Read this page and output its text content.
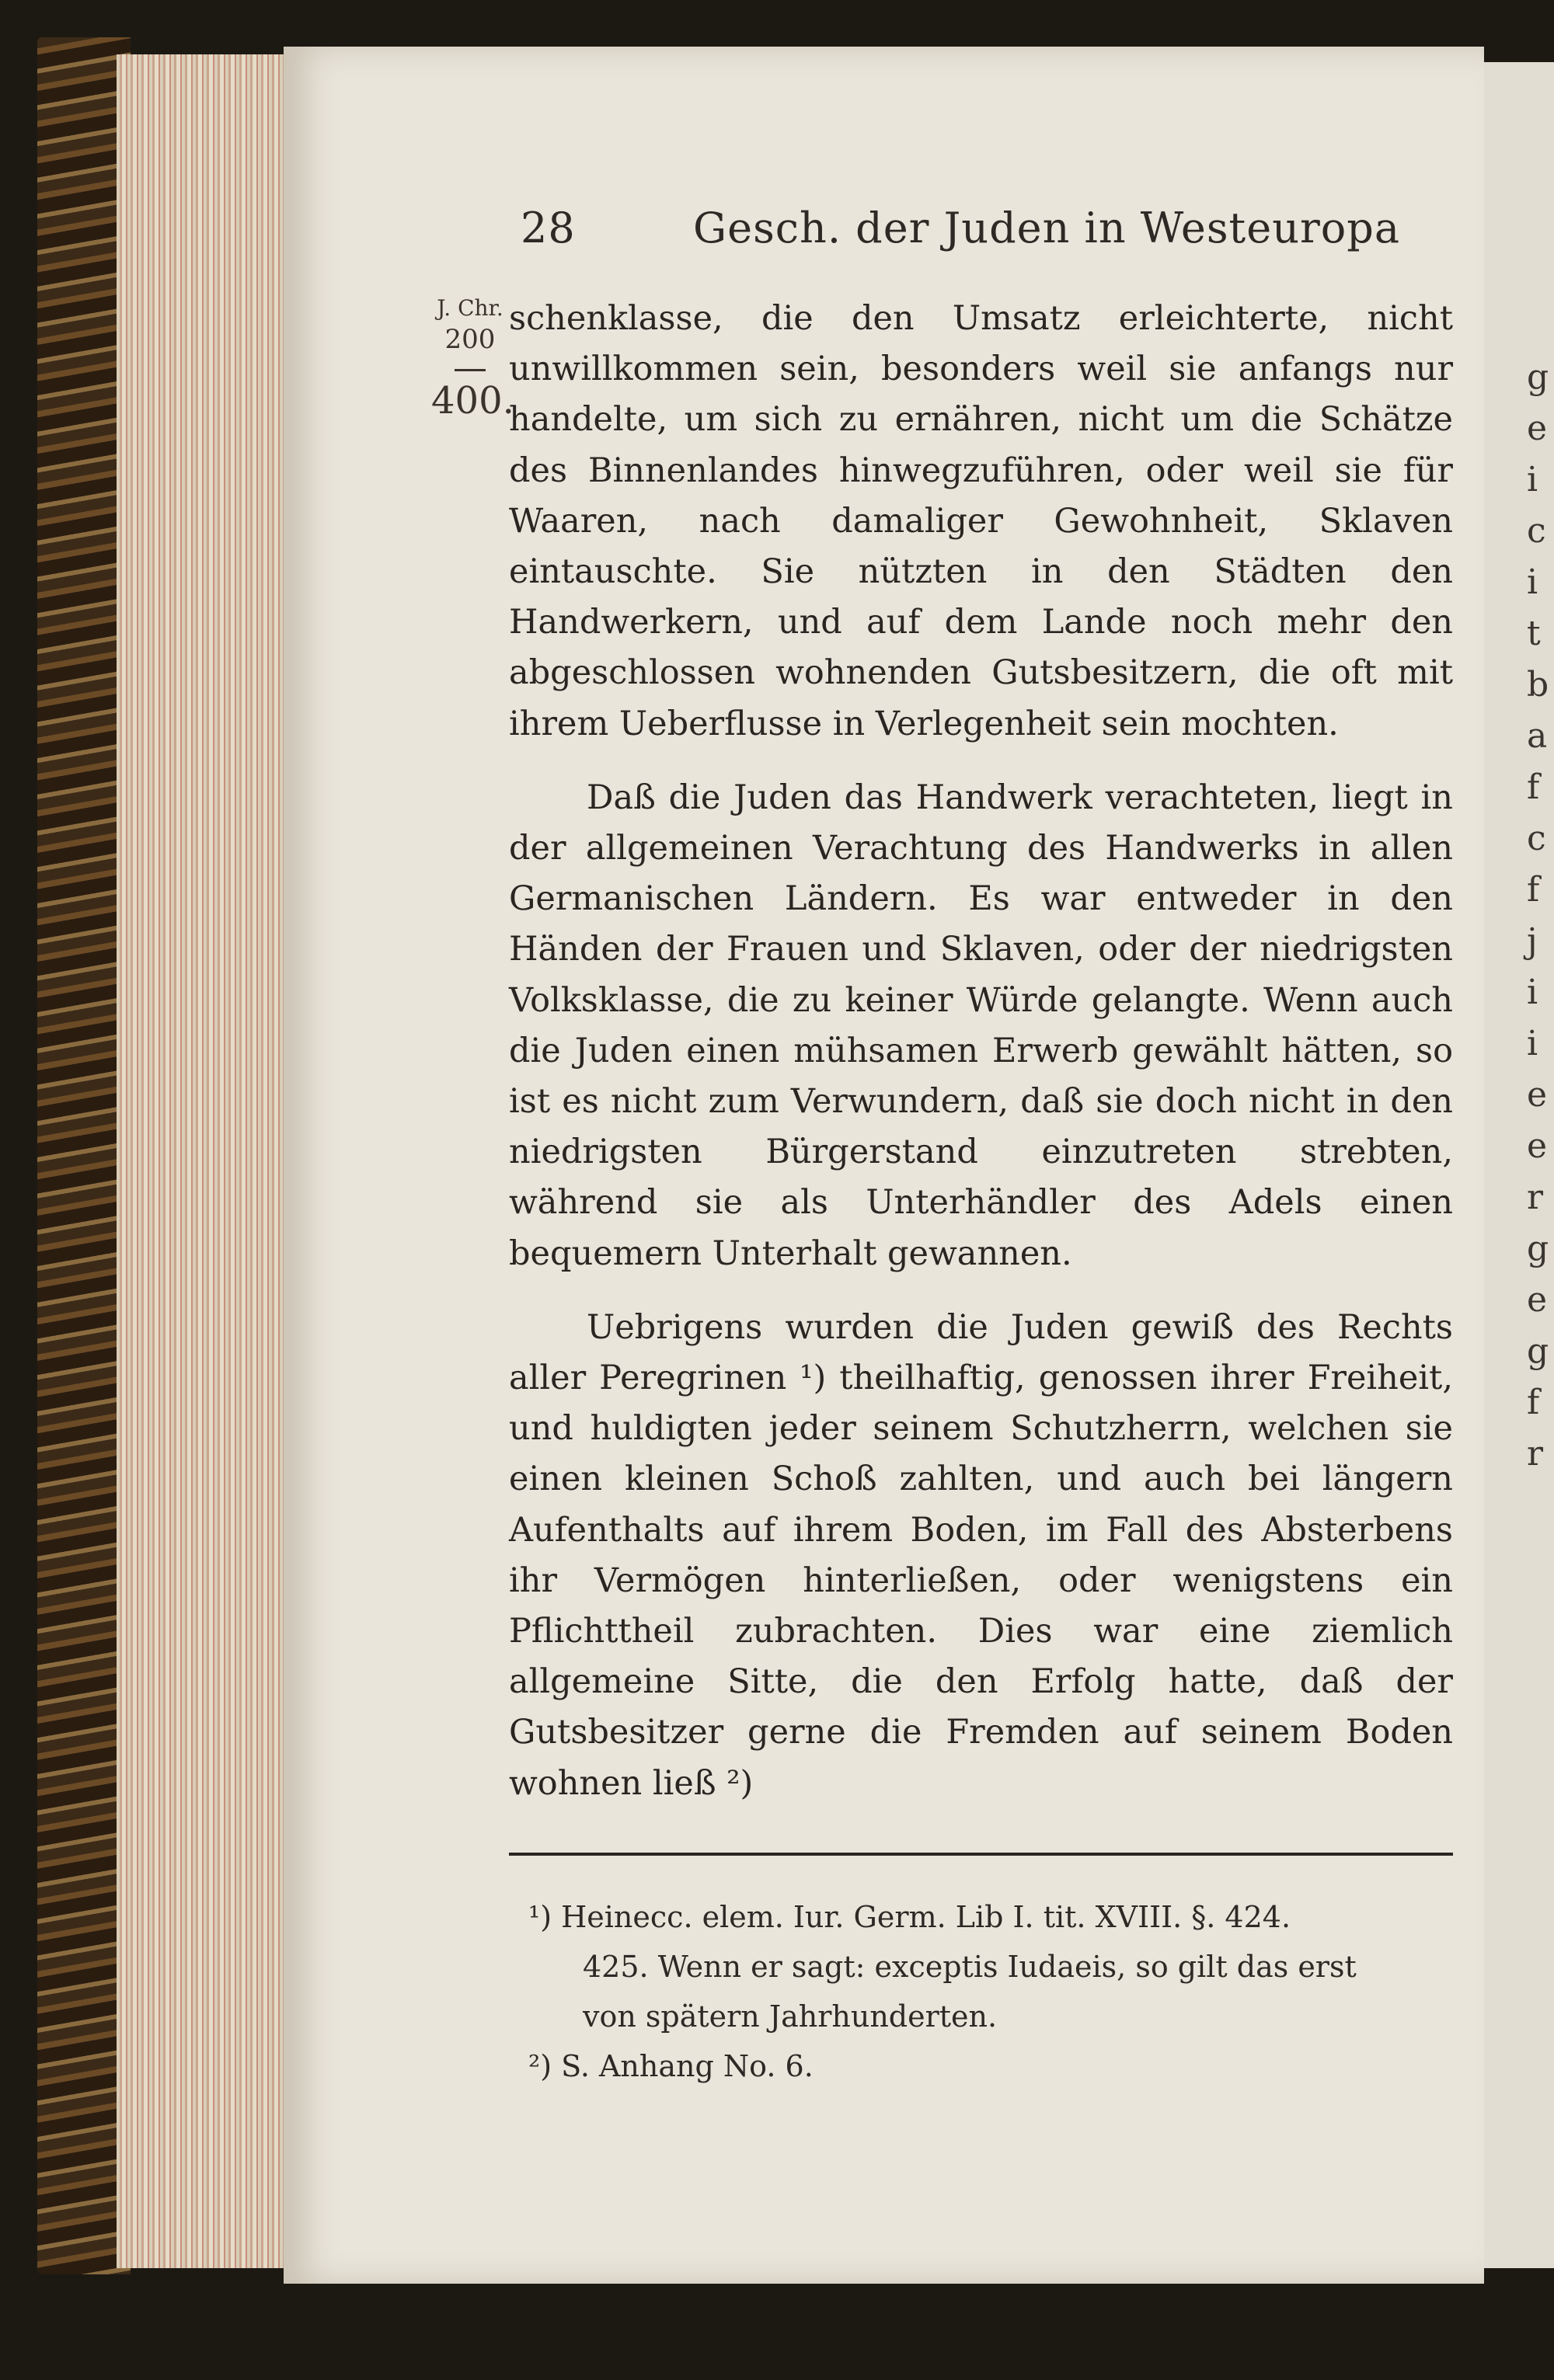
g
e
i
c
i
t
b
a
f
c
f
j
i
i
e
e
r
g
e
g
f
r
28	Gesch. der Juden in Westeuropa
J. Chr.
200
400.

schenklasse, die den Umsatz erleichterte, nicht unwillkommen sein, besonders weil sie anfangs nur handelte, um sich zu ernähren, nicht um die Schätze des Binnenlandes hinwegzuführen, oder weil sie für Waaren, nach damaliger Gewohnheit, Sklaven eintauschte. Sie nützten in den Städten den Handwerkern, und auf dem Lande noch mehr den abgeschlossen wohnenden Gutsbesitzern, die oft mit ihrem Ueberflusse in Verlegenheit sein mochten.

Daß die Juden das Handwerk verachteten, liegt in der allgemeinen Verachtung des Handwerks in allen Germanischen Ländern. Es war entweder in den Händen der Frauen und Sklaven, oder der niedrigsten Volksklasse, die zu keiner Würde gelangte. Wenn auch die Juden einen mühsamen Erwerb gewählt hätten, so ist es nicht zum Verwundern, daß sie doch nicht in den niedrigsten Bürgerstand einzutreten strebten, während sie als Unterhändler des Adels einen bequemern Unterhalt gewannen.

Uebrigens wurden die Juden gewiß des Rechts aller Peregrinen ¹) theilhaftig, genossen ihrer Freiheit, und huldigten jeder seinem Schutzherrn, welchen sie einen kleinen Schoß zahlten, und auch bei längern Aufenthalts auf ihrem Boden, im Fall des Absterbens ihr Vermögen hinterließen, oder wenigstens ein Pflichttheil zubrachten. Dies war eine ziemlich allgemeine Sitte, die den Erfolg hatte, daß der Gutsbesitzer gerne die Fremden auf seinem Boden wohnen ließ ²)

¹) Heinecc. elem. Iur. Germ. Lib I. tit. XVIII. §. 424.

425. Wenn er sagt: exceptis Iudaeis, so gilt das erst

von spätern Jahrhunderten.

²) S. Anhang No. 6.
